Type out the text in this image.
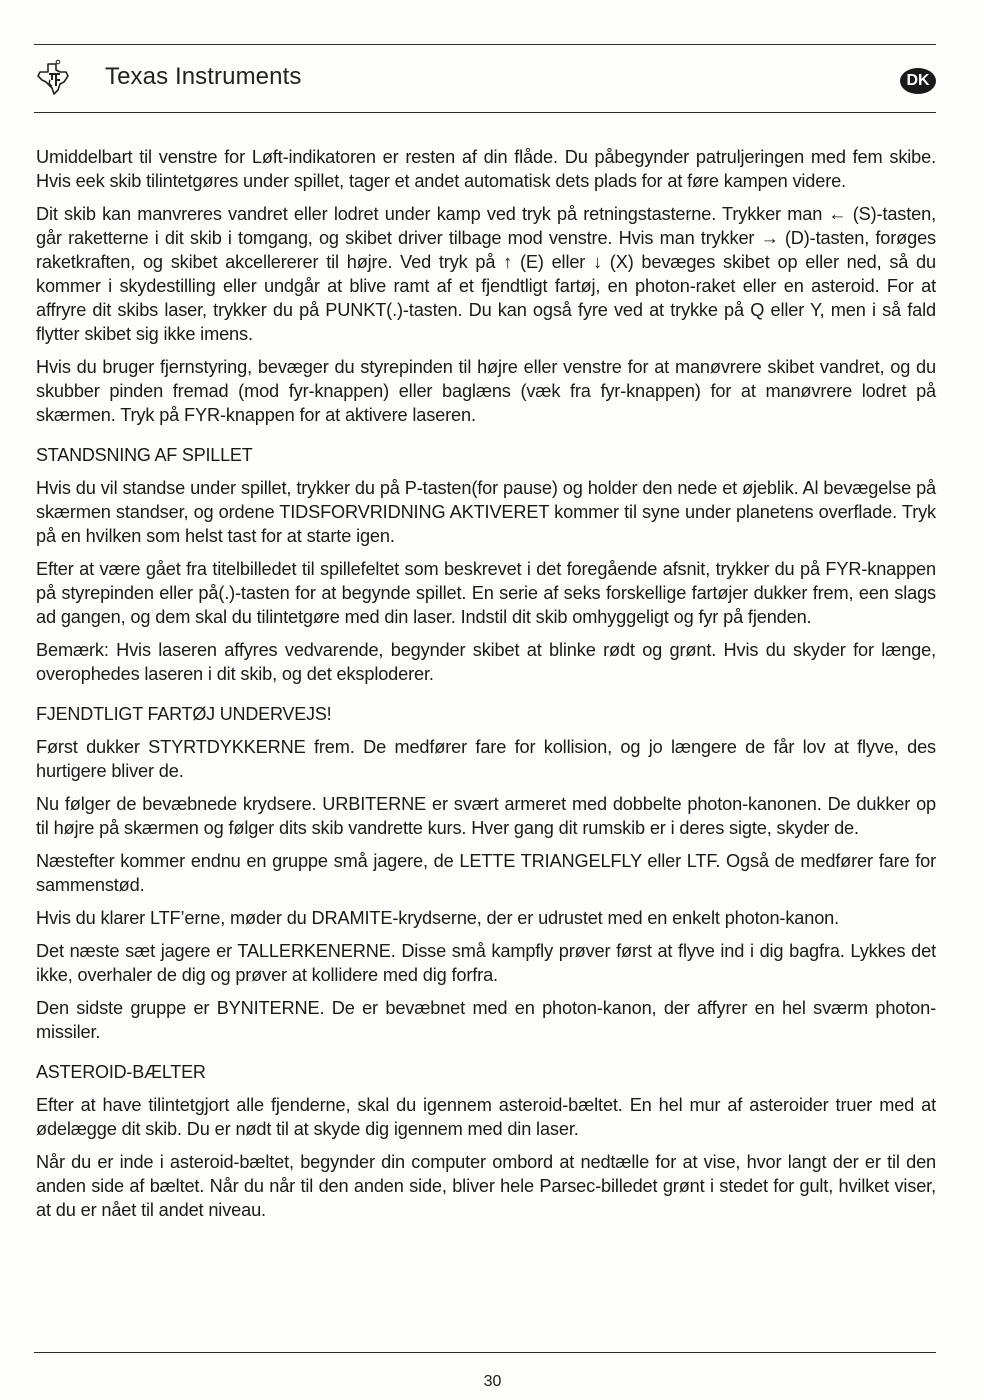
Texas Instruments	DK

Umiddelbart til venstre for Løft-indikatoren er resten af din flåde. Du påbegynder patruljeringen med fem skibe. Hvis eek skib tilintetgøres under spillet, tager et andet automatisk dets plads for at føre kampen videre.

Dit skib kan manvreres vandret eller lodret under kamp ved tryk på retningstasterne. Trykker man ← (S)-tasten, går raketterne i dit skib i tomgang, og skibet driver tilbage mod venstre. Hvis man trykker → (D)-tasten, forøges raketkraften, og skibet akcellererer til højre. Ved tryk på ↑ (E) eller ↓ (X) bevæges skibet op eller ned, så du kommer i skydestilling eller undgår at blive ramt af et fjendtligt fartøj, en photon-raket eller en asteroid. For at affryre dit skibs laser, trykker du på PUNKT(.)-tasten. Du kan også fyre ved at trykke på Q eller Y, men i så fald flytter skibet sig ikke imens.

Hvis du bruger fjernstyring, bevæger du styrepinden til højre eller venstre for at manøvrere skibet vandret, og du skubber pinden fremad (mod fyr-knappen) eller baglæns (væk fra fyr-knappen) for at manøvrere lodret på skærmen. Tryk på FYR-knappen for at aktivere laseren.

STANDSNING AF SPILLET

Hvis du vil standse under spillet, trykker du på P-tasten(for pause) og holder den nede et øjeblik. Al bevægelse på skærmen standser, og ordene TIDSFORVRIDNING AKTIVERET kommer til syne under planetens overflade. Tryk på en hvilken som helst tast for at starte igen.

Efter at være gået fra titelbilledet til spillefeltet som beskrevet i det foregående afsnit, trykker du på FYR-knappen på styrepinden eller på(.)-tasten for at begynde spillet. En serie af seks forskellige fartøjer dukker frem, een slags ad gangen, og dem skal du tilintetgøre med din laser. Indstil dit skib omhyggeligt og fyr på fjenden.

Bemærk: Hvis laseren affyres vedvarende, begynder skibet at blinke rødt og grønt. Hvis du skyder for længe, overophedes laseren i dit skib, og det eksploderer.

FJENDTLIGT FARTØJ UNDERVEJS!

Først dukker STYRTDYKKERNE frem. De medfører fare for kollision, og jo længere de får lov at flyve, des hurtigere bliver de.

Nu følger de bevæbnede krydsere. URBITERNE er svært armeret med dobbelte photon-kanonen. De dukker op til højre på skærmen og følger dits skib vandrette kurs. Hver gang dit rumskib er i deres sigte, skyder de.

Næstefter kommer endnu en gruppe små jagere, de LETTE TRIANGELFLY eller LTF. Også de medfører fare for sammenstød.

Hvis du klarer LTF’erne, møder du DRAMITE-krydserne, der er udrustet med en enkelt photon-kanon.

Det næste sæt jagere er TALLERKENERNE. Disse små kampfly prøver først at flyve ind i dig bagfra. Lykkes det ikke, overhaler de dig og prøver at kollidere med dig forfra.

Den sidste gruppe er BYNITERNE. De er bevæbnet med en photon-kanon, der affyrer en hel sværm photon-missiler.

ASTEROID-BÆLTER

Efter at have tilintetgjort alle fjenderne, skal du igennem asteroid-bæltet. En hel mur af asteroider truer med at ødelægge dit skib. Du er nødt til at skyde dig igennem med din laser.

Når du er inde i asteroid-bæltet, begynder din computer ombord at nedtælle for at vise, hvor langt der er til den anden side af bæltet. Når du når til den anden side, bliver hele Parsec-billedet grønt i stedet for gult, hvilket viser, at du er nået til andet niveau.

30
